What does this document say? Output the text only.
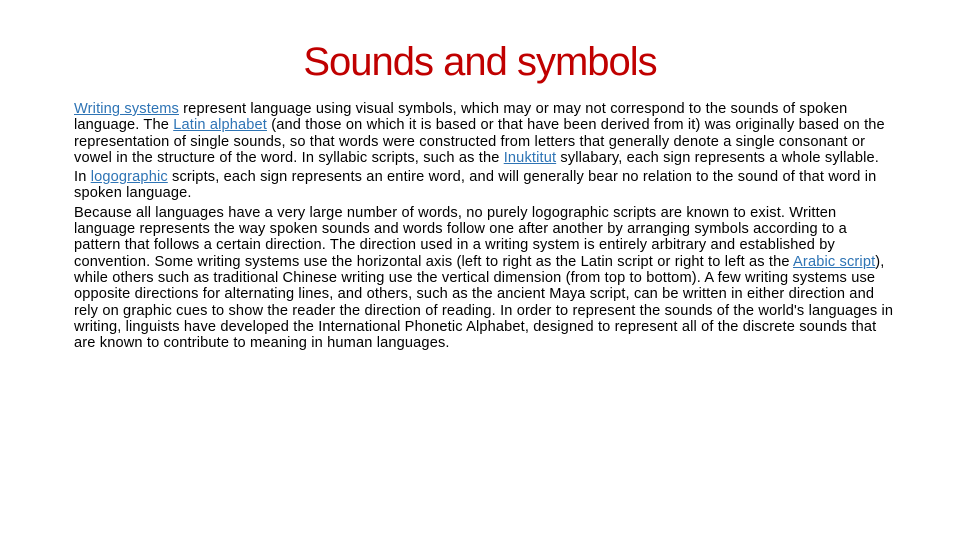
Sounds and symbols

Writing systems represent language using visual symbols, which may or may not correspond to the sounds of spoken language. The Latin alphabet (and those on which it is based or that have been derived from it) was originally based on the representation of single sounds, so that words were constructed from letters that generally denote a single consonant or vowel in the structure of the word. In syllabic scripts, such as the Inuktitut syllabary, each sign represents a whole syllable.

In logographic scripts, each sign represents an entire word, and will generally bear no relation to the sound of that word in spoken language.

Because all languages have a very large number of words, no purely logographic scripts are known to exist. Written language represents the way spoken sounds and words follow one after another by arranging symbols according to a pattern that follows a certain direction. The direction used in a writing system is entirely arbitrary and established by convention. Some writing systems use the horizontal axis (left to right as the Latin script or right to left as the Arabic script), while others such as traditional Chinese writing use the vertical dimension (from top to bottom). A few writing systems use opposite directions for alternating lines, and others, such as the ancient Maya script, can be written in either direction and rely on graphic cues to show the reader the direction of reading. In order to represent the sounds of the world's languages in writing, linguists have developed the International Phonetic Alphabet, designed to represent all of the discrete sounds that are known to contribute to meaning in human languages.
